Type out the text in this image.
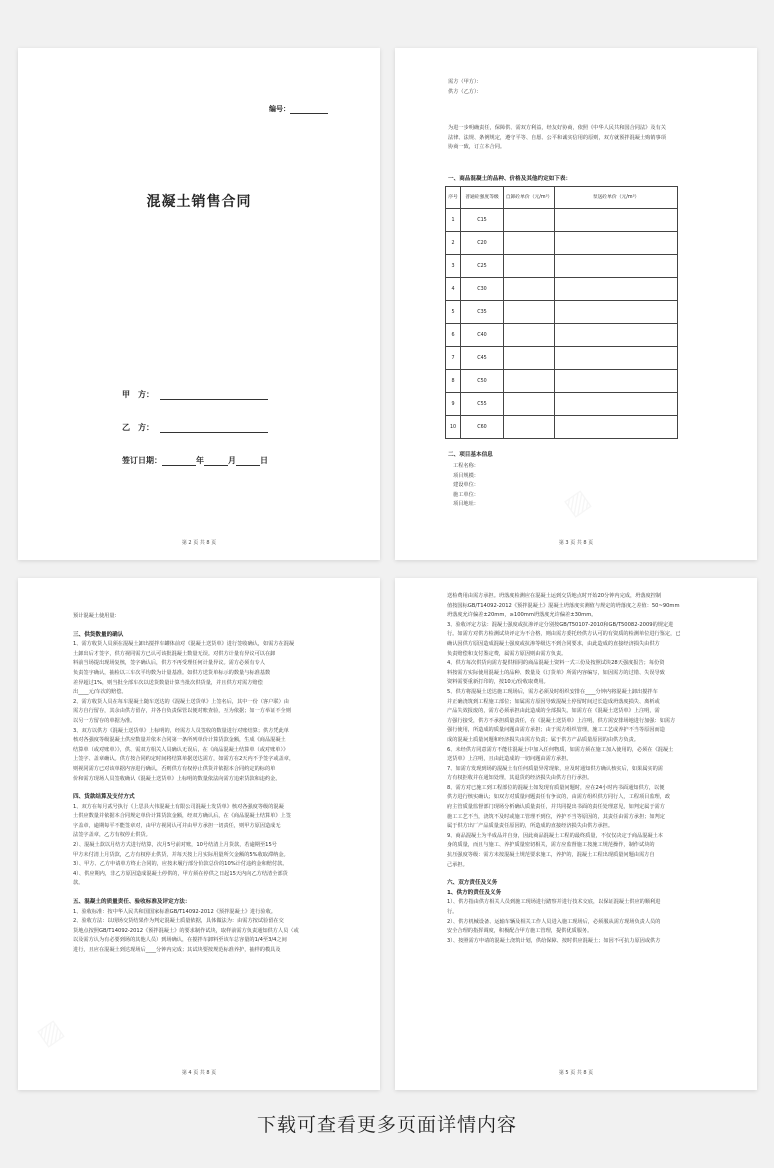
编号：
混凝土销售合同
甲　方：
乙　方：
签订日期：	年	月	日
第 2 页 共 8 页
需方（甲方）：
供方（乙方）：
为进一步明确责任，保障供、需双方利益，经友好协商，依照《中华人民共和国合同法》及有关
法律、法规、条例规定，遵守平等、自愿、公平和诚实信用的原则，双方就预拌混凝土购销事项
协商一致，订立本合同。
一、商品混凝土的品种、价格及其他约定如下表：
序号	普通砼强度等级	自卸砼单价（元/m³）	泵送砼单价（元/m³）
1	C15		
2	C20		
3	C25		
4	C30		
5	C35		
6	C40		
7	C45		
8	C50		
9	C55		
10	C60		
二、项目基本信息
工程名称：
项目规模：
建设单位：
施工单位：
项目地址：
第 3 页 共 8 页
预计混凝土使用量：
三、供货数量的确认
1、需方收货人员须在混凝土卸出搅拌车罐体前对《混凝土送货单》进行签收确认，如需方在混凝
土卸出后才签字，供方视同需方已认可该批混凝土数量无误。对供方计量有异议可以在卸
料前当场提出现场复核，签字确认后，供方不再受理任何计量异议。需方必须有专人
负责签字确认，抽检以三车次平均数为计量基准。如供方送货单标示的数量与标准基数
差异超过1%，则当批全部车次以送货数量计算当批次供货量，并且供方对需方赔偿
出____元/车次的赔偿。
2、需方收货人员在每车混凝土随车送达的《混凝土送货单》上签名后，其中一份（客户联）由
需方自行留存，其余由供方留存，并各自负责保管以便对账查验，互为依据；如一方举证不全则
以另一方留存的单据为准。
3、双方以供方《混凝土送货单》上标明的，经需方人员签收的数量进行对账结算；供方凭此单
核对各强度等级混凝土供应数量并依本合同第一条所列单价计算货款金额，生成《商品混凝土
结算单（或对账单）》，供、需双方相关人员确认无误后，在《商品混凝土结算单（或对账单）》
上签字、盖章确认。供方按合同约定时间将结算单据送达需方，如需方在2天内不予签字或盖章，
则视同需方已对该单据内容进行确认，否则供方有权停止供货并依据本合同约定的标的单
价和需方现场人员签收确认《混凝土送货单》上标明的数量依法向需方追索货款和违约金。
四、货款结算及支付方式
1、双方在每月贰号执行《上思县大伟混凝土有限公司混凝土发货单》核对各强度等级的混凝
土供应数量并依据本合同规定单价计算货款金额，经双方确认后，在《商品混凝土结算单》上签
字盖章，逾期每平不能签章对，由甲方视同认可并由甲方承担一切责任，则甲方原因造成无
法签字盖章，乙方有权停止供货。
2）、混凝土款以月结方式进行结算，次月5号前对账，10号结清上月货款，若逾期至15号
甲方未付清上月货款，乙方有权停止供货，并每天按上月实际用量所欠金额的5%收取滞纳金。
3）、甲方、乙方申请单方终止合同的，应按未履行部分价款总价的10%计付违约金和赔付款。
4）、供应期内，非乙方原因造成混凝土停供的，甲方须在停供之日起15天内向乙方结清全部货
款。
五、混凝土的质量责任、验收标准及评定方法：
1、验收标准：按中华人民共和国国家标准GB/T14092-2012《预拌混凝土》进行验收。
2、验收方法：以现场交货结果作为判定混凝土质量依据，具体做法为：由需方按试验留在交
货地点按照GB/T14092-2012《预拌混凝土》的要求制作试块，取样前需方负责通知供方人员（或
以及需方认为有必要到场的其他人员）到场确认，在搅拌车卸料至该车总容量的1/4至3/4之间
进行，且应在混凝土到达现场后____分钟内完成；其试块要按规范标准养护，抽样的模具及
第 4 页 共 8 页
送检费用由需方承担。坍落度检测应在混凝土运到交货地点时开始20分钟内完成，坍落度控制
值按国标GB/T14092-2012《预拌混凝土》混凝土坍落度实测值与规定的坍落度之差值：50~90mm
坍落度允许偏差±20mm，≥100mm坍落度允许偏差±30mm。
3、验收评定方法：混凝土强度或抗渗评定分别按GB/T50107-2010和GB/T50082-2009的规定进
行。如需方对供方检测试块评定为不合格，则由需方委托经供方认可的有资质的检测单位进行鉴定，已
确认因供方原因造成混凝土强度或抗渗等级达不到合同要求，由此造成的直接经济损失由供方
负责赔偿和支付鉴定费，属需方原因则由需方负责。
4、供方每次供货向需方提供相同的商品混凝土资料一式三份及按照试块28天强度报告；每份资
料按需方实际使用混凝土的品种、数量及《订货单》所需内容编写，如因需方的过错、失误导致
资料需要重新打印的，按10元/份收取费用。
5、供方将混凝土送达施工现场后，需方必须及时组织安排在____分钟内将混凝土卸出搅拌车
并正确浇筑到工程施工部位；如属需方原因导致混凝土停留时间过长造成坍落度损失、离析或
产品失效报废的，需方必须承担由此造成的全部损失。如需方在《混凝土送货单》上注明，需
方强行接受，供方不承担质量责任，在《混凝土送货单》上注明，供方需安排场地进行加强：如需方
强行使用，所造成的质量问题由需方承担；由于需方组织管理，施工工艺或养护不当等原因而造
成的混凝土质量问题和经济损失由需方负责；属于供方产品质量原因的由供方负责。
6、未经供方同意需方不能往混凝土中加入任何物质，如需方须在施工加入使用的，必须在《混凝土
送货单》上注明，且由此造成的一切问题由需方承担。
7、如需方发现到场的混凝土有任何质量异常现象，应及时通知供方确认核实后，如果属实的需
方有权拒收并在通知处理，其退货的经济损失由供方自行承担。
8、需方对已施工到工程部位的混凝土如发现有质量问题时，应在24小时内书面通知供方，以便
供方进行核实确认；如双方对质量问题责任有争议的，由需方组织供方同行人，工程项目监理，政
府主管质量监督部门现场分析确认质量责任，并共同提出书面的责任处理意见，如判定属于需方
施工工艺不当，浇筑不及时或施工管理不到位，养护不当等原因的，其责任由需方承担；如判定
属于供方出厂产品质量责任原因的，所造成的直接经济损失由供方承担。
9、商品混凝土为半成品并自身，因此商品混凝土工程的最终质量，不仅仅决定于商品混凝土本
身的质量，而且与施工、养护质量密切相关，需方应监督施工按施工规范操作，制作试块的
抗压强度等级：需方未按混凝土规范要求施工，养护的，混凝土工程出现质量问题由需方自
己承担。
六、双方责任及义务
1、供方的责任及义务
1）、供方指由供方相关人员到施工现场进行踏察并进行技术交底，以保证混凝土供应的顺利进
行。
2）、供方机械设备、运输车辆及相关工作人员进入施工现场后，必须服从需方现场负责人员的
安全合理的指挥调度，积极配合甲方施工管理，提供优质服务。
3）、按照需方申请的混凝土浇筑计划，供给保障、按时供应混凝土；如因不可抗力原因或供方
第 5 页 共 8 页
下载可查看更多页面详情内容
